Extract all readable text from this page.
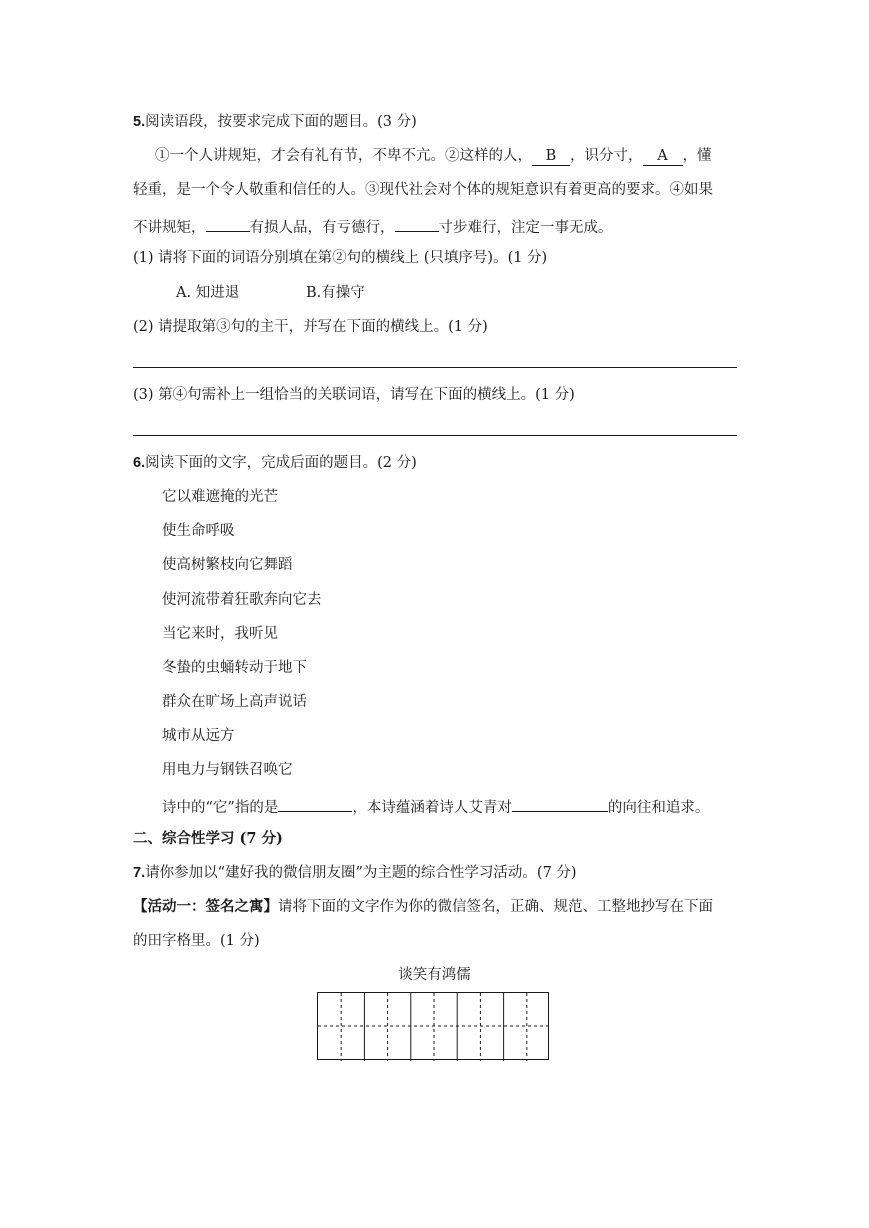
5.阅读语段，按要求完成下面的题目。(3 分)
①一个人讲规矩，才会有礼有节，不卑不亢。②这样的人， B ，识分寸， A ，懂
轻重，是一个令人敬重和信任的人。③现代社会对个体的规矩意识有着更高的要求。④如果
不讲规矩，	有损人品，有亏德行，	寸步难行，注定一事无成。
(1) 请将下面的词语分别填在第②句的横线上 (只填序号)。(1 分)
A. 知进退	B.有操守
(2) 请提取第③句的主干，并写在下面的横线上。(1 分)
(3) 第④句需补上一组恰当的关联词语，请写在下面的横线上。(1 分)
6.阅读下面的文字，完成后面的题目。(2 分)
它以难遮掩的光芒
使生命呼吸
使高树繁枝向它舞蹈
使河流带着狂歌奔向它去
当它来时，我听见
冬蛰的虫蛹转动于地下
群众在旷场上高声说话
城市从远方
用电力与钢铁召唤它
诗中的“它”指的是	，本诗蕴涵着诗人艾青对	的向往和追求。
二、综合性学习 (7 分)
7.请你参加以“建好我的微信朋友圈”为主题的综合性学习活动。(7 分)
【活动一：签名之寓】请将下面的文字作为你的微信签名，正确、规范、工整地抄写在下面
的田字格里。(1 分)
谈笑有鸿儒
